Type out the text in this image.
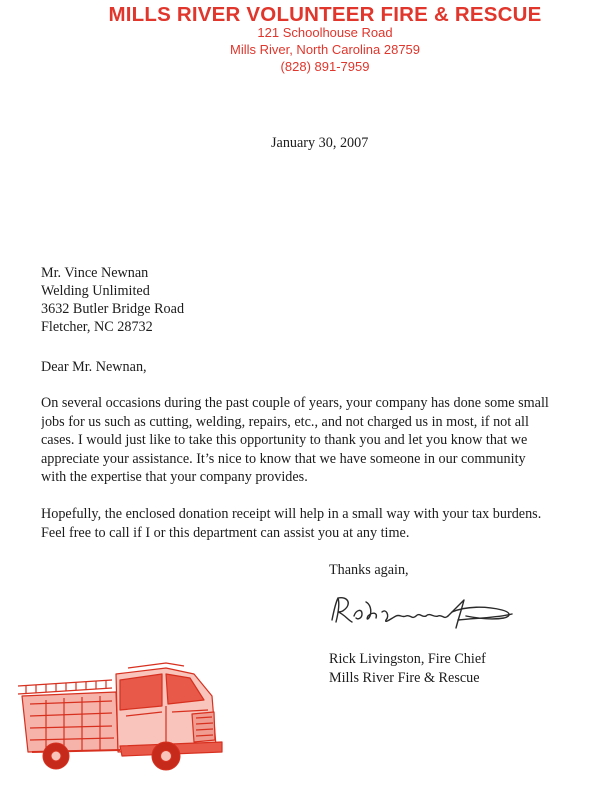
MILLS RIVER VOLUNTEER FIRE & RESCUE
121 Schoolhouse Road
Mills River, North Carolina 28759
(828) 891-7959
January 30, 2007
Mr. Vince Newnan
Welding Unlimited
3632 Butler Bridge Road
Fletcher, NC 28732
Dear Mr. Newnan,
On several occasions during the past couple of years, your company has done some small
jobs for us such as cutting, welding, repairs, etc., and not charged us in most, if not all
cases. I would just like to take this opportunity to thank you and let you know that we
appreciate your assistance. It’s nice to know that we have someone in our community
with the expertise that your company provides.
Hopefully, the enclosed donation receipt will help in a small way with your tax burdens.
Feel free to call if I or this department can assist you at any time.
Thanks again,
Rick Livingston, Fire Chief
Mills River Fire & Rescue
